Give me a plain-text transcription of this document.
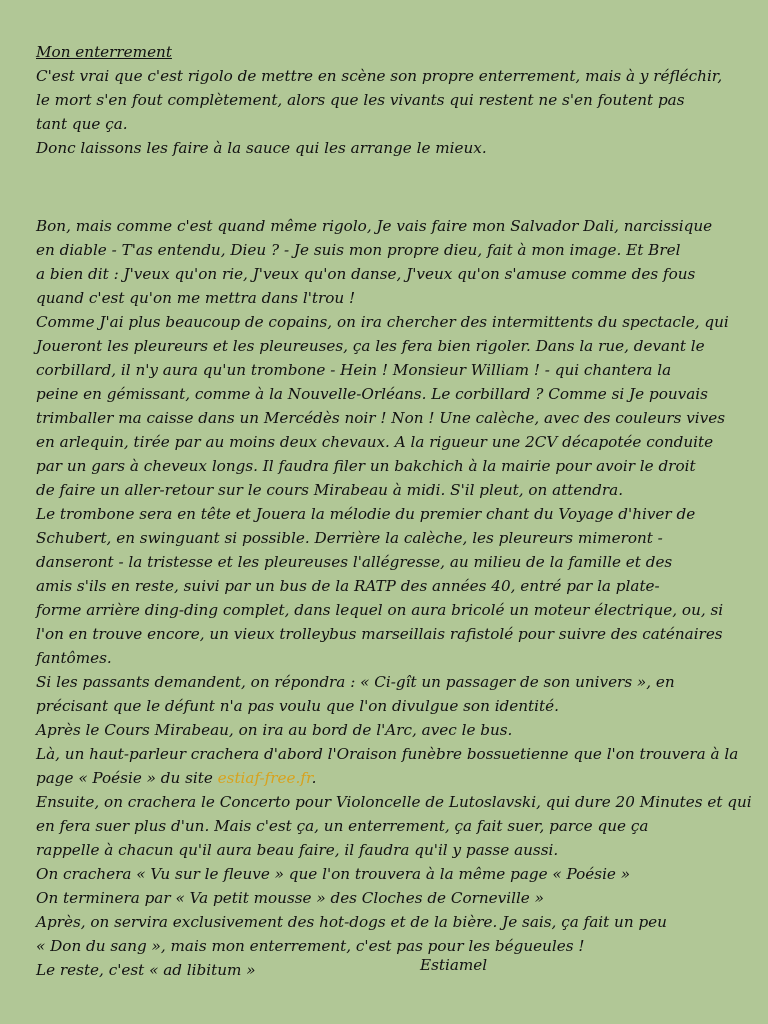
Mon enterrement

C'est vrai que c'est rigolo de mettre en scène son propre enterrement, mais à y réfléchir,

le mort s'en fout complètement, alors que les vivants qui restent ne s'en foutent pas

tant que ça.

Donc laissons les faire à la sauce qui les arrange le mieux.

Bon, mais comme c'est quand même rigolo, Je vais faire mon Salvador Dali, narcissique

en diable - T'as entendu, Dieu ? - Je suis mon propre dieu, fait à mon image. Et Brel

a bien dit : J'veux qu'on rie, J'veux qu'on danse, J'veux qu'on s'amuse comme des fous

quand c'est qu'on me mettra dans l'trou !

Comme J'ai plus beaucoup de copains, on ira chercher des intermittents du spectacle, qui

Joueront les pleureurs et les pleureuses, ça les fera bien rigoler. Dans la rue, devant le

corbillard, il n'y aura qu'un trombone - Hein ! Monsieur William ! - qui chantera la

peine en gémissant, comme à la Nouvelle-Orléans. Le corbillard ? Comme si Je pouvais

trimballer ma caisse dans un Mercédès noir ! Non ! Une calèche, avec des couleurs vives

en arlequin, tirée par au moins deux chevaux. A la rigueur une 2CV décapotée conduite

par un gars à cheveux longs. Il faudra filer un bakchich à la mairie pour avoir le droit

de faire un aller-retour sur le cours Mirabeau à midi. S'il pleut, on attendra.

Le trombone sera en tête et Jouera la mélodie du premier chant du Voyage d'hiver de

Schubert, en swinguant si possible. Derrière la calèche, les pleureurs mimeront -

danseront - la tristesse et les pleureuses l'allégresse, au milieu de la famille et des

amis s'ils en reste, suivi par un bus de la RATP des années 40, entré par la plate-

forme arrière ding-ding complet, dans lequel on aura bricolé un moteur électrique, ou, si

l'on en trouve encore, un vieux trolleybus marseillais rafistolé pour suivre des caténaires

fantômes.

Si les passants demandent, on répondra : « Ci-gît un passager de son univers », en

précisant que le défunt n'a pas voulu que l'on divulgue son identité.

Après le Cours Mirabeau, on ira au bord de l'Arc, avec le bus.

Là, un haut-parleur crachera d'abord l'Oraison funèbre bossuetienne que l'on trouvera à la

page « Poésie » du site estiaf-free.fr.

Ensuite, on crachera le Concerto pour Violoncelle de Lutoslavski, qui dure 20 Minutes et qui

en fera suer plus d'un. Mais c'est ça, un enterrement, ça fait suer, parce que ça

rappelle à chacun qu'il aura beau faire, il faudra qu'il y passe aussi.

On crachera « Vu sur le fleuve » que l'on trouvera à la même page « Poésie »

On terminera par « Va petit mousse » des Cloches de Corneville »

Après, on servira exclusivement des hot-dogs et de la bière. Je sais, ça fait un peu

« Don du sang », mais mon enterrement, c'est pas pour les bégueules !

Le reste, c'est « ad libitum »	Estiamel
